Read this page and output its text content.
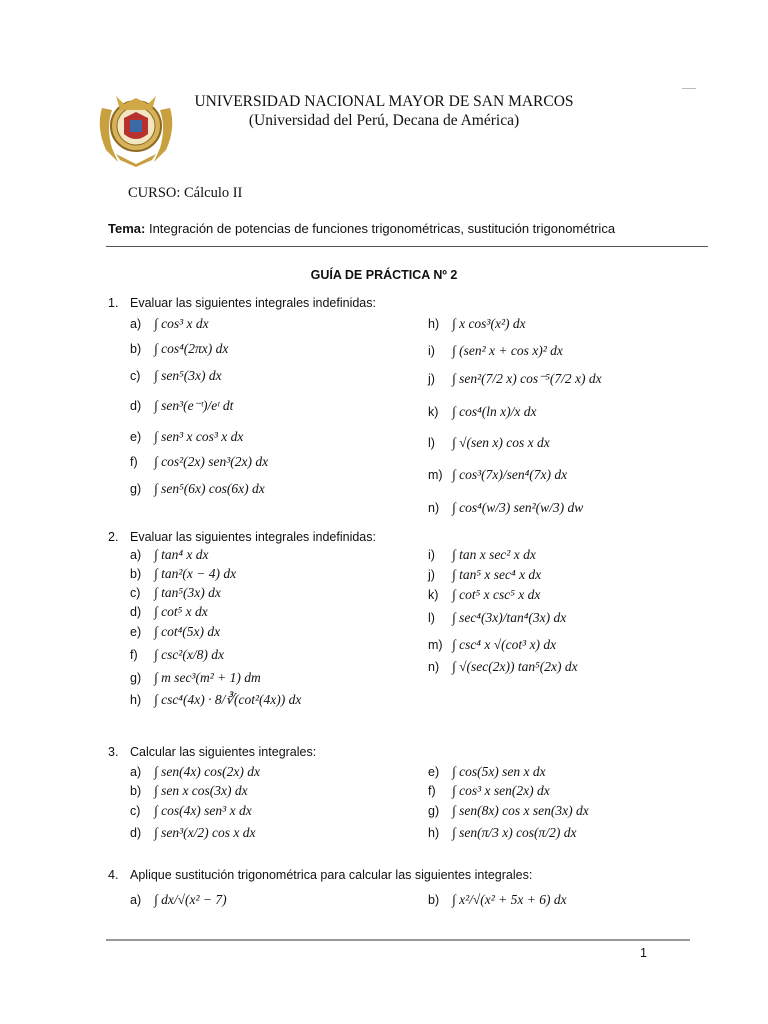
UNIVERSIDAD NACIONAL MAYOR DE SAN MARCOS
(Universidad del Perú, Decana de América)
CURSO: Cálculo II
Tema: Integración de potencias de funciones trigonométricas, sustitución trigonométrica
GUÍA DE PRÁCTICA Nº 2
1. Evaluar las siguientes integrales indefinidas:
a) ∫ cos³ x dx
b) ∫ cos⁴(2πx) dx
c) ∫ sen⁵(3x) dx
d) ∫ sen³(e⁻ᵗ)/eᵗ dt
e) ∫ sen³ x cos³ x dx
f) ∫ cos²(2x) sen³(2x) dx
g) ∫ sen⁵(6x) cos(6x) dx
h) ∫ x cos³(x²) dx
i) ∫ (sen² x + cos x)² dx
j) ∫ sen²(7/2 x) cos⁻⁵(7/2 x) dx
k) ∫ cos⁴(ln x)/x dx
l) ∫ √(sen x) cos x dx
m) ∫ cos³(7x)/sen⁴(7x) dx
n) ∫ cos⁴(w/3) sen²(w/3) dw
2. Evaluar las siguientes integrales indefinidas:
a) ∫ tan⁴ x dx
b) ∫ tan²(x − 4) dx
c) ∫ tan⁵(3x) dx
d) ∫ cot⁵ x dx
e) ∫ cot⁴(5x) dx
f) ∫ csc²(x/8) dx
g) ∫ m sec³(m² + 1) dm
h) ∫ csc⁴(4x) · 8/∛(cot²(4x)) dx
i) ∫ tan x sec² x dx
j) ∫ tan⁵ x sec⁴ x dx
k) ∫ cot⁵ x csc⁵ x dx
l) ∫ sec⁴(3x)/tan⁴(3x) dx
m) ∫ csc⁴ x √(cot³ x) dx
n) ∫ √(sec(2x)) tan⁵(2x) dx
3. Calcular las siguientes integrales:
a) ∫ sen(4x) cos(2x) dx
b) ∫ sen x cos(3x) dx
c) ∫ cos(4x) sen³ x dx
d) ∫ sen³(x/2) cos x dx
e) ∫ cos(5x) sen x dx
f) ∫ cos³ x sen(2x) dx
g) ∫ sen(8x) cos x sen(3x) dx
h) ∫ sen(π/3 x) cos(π/2) dx
4. Aplique sustitución trigonométrica para calcular las siguientes integrales:
a) ∫ dx/√(x² − 7)	b) ∫ x²/√(x² + 5x + 6) dx
1
